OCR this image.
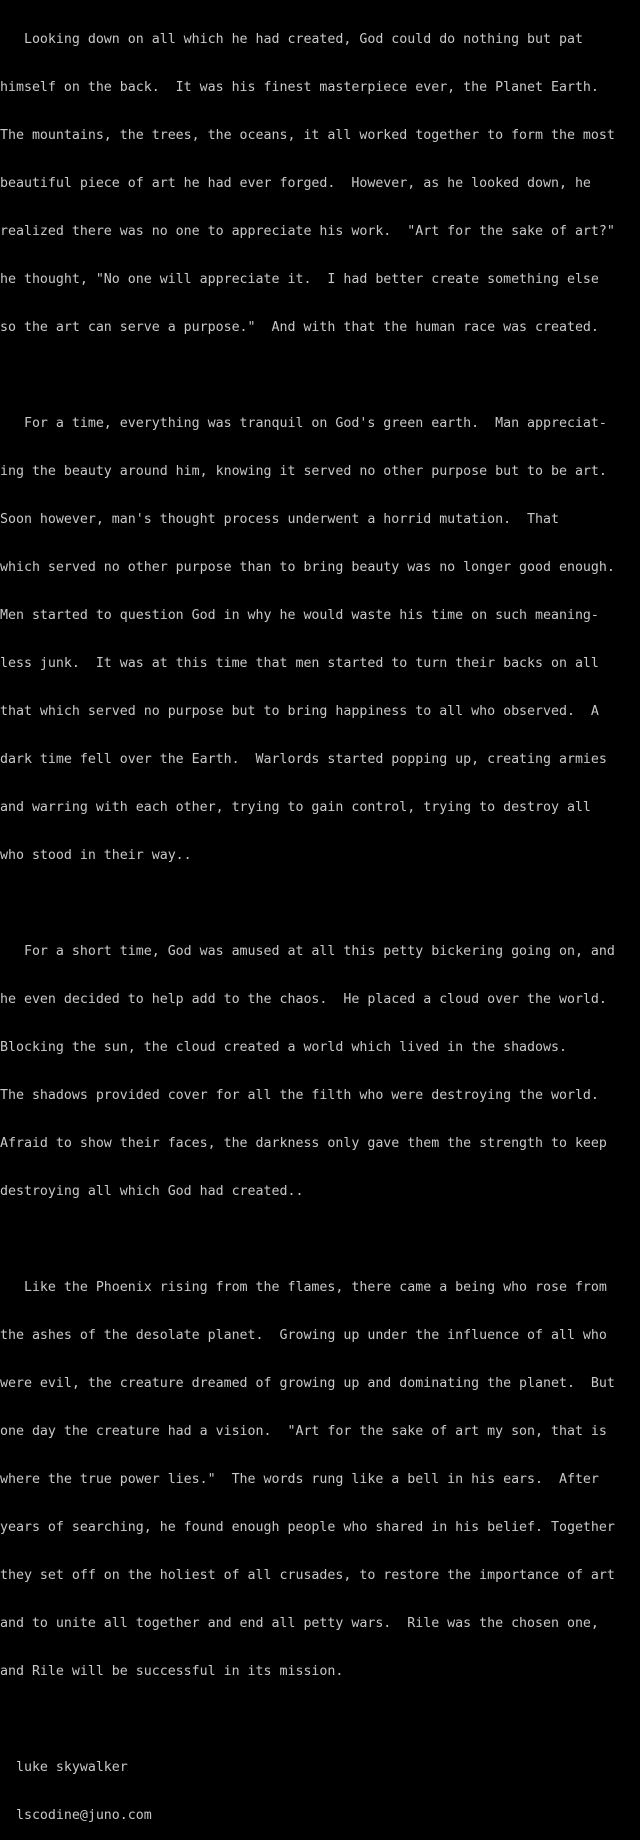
Looking down on all which he had created, God could do nothing but pat

himself on the back.  It was his finest masterpiece ever, the Planet Earth.

The mountains, the trees, the oceans, it all worked together to form the most

beautiful piece of art he had ever forged.  However, as he looked down, he

realized there was no one to appreciate his work.  "Art for the sake of art?"

he thought, "No one will appreciate it.  I had better create something else

so the art can serve a purpose."  And with that the human race was created.

For a time, everything was tranquil on God's green earth.  Man appreciat-

ing the beauty around him, knowing it served no other purpose but to be art.

Soon however, man's thought process underwent a horrid mutation.  That

which served no other purpose than to bring beauty was no longer good enough.

Men started to question God in why he would waste his time on such meaning-

less junk.  It was at this time that men started to turn their backs on all

that which served no purpose but to bring happiness to all who observed.  A

dark time fell over the Earth.  Warlords started popping up, creating armies

and warring with each other, trying to gain control, trying to destroy all

who stood in their way..

For a short time, God was amused at all this petty bickering going on, and

he even decided to help add to the chaos.  He placed a cloud over the world.

Blocking the sun, the cloud created a world which lived in the shadows.

The shadows provided cover for all the filth who were destroying the world.

Afraid to show their faces, the darkness only gave them the strength to keep

destroying all which God had created..

Like the Phoenix rising from the flames, there came a being who rose from

the ashes of the desolate planet.  Growing up under the influence of all who

were evil, the creature dreamed of growing up and dominating the planet.  But

one day the creature had a vision.  "Art for the sake of art my son, that is

where the true power lies."  The words rung like a bell in his ears.  After

years of searching, he found enough people who shared in his belief. Together

they set off on the holiest of all crusades, to restore the importance of art

and to unite all together and end all petty wars.  Rile was the chosen one,

and Rile will be successful in its mission.

luke skywalker

lscodine@juno.com
